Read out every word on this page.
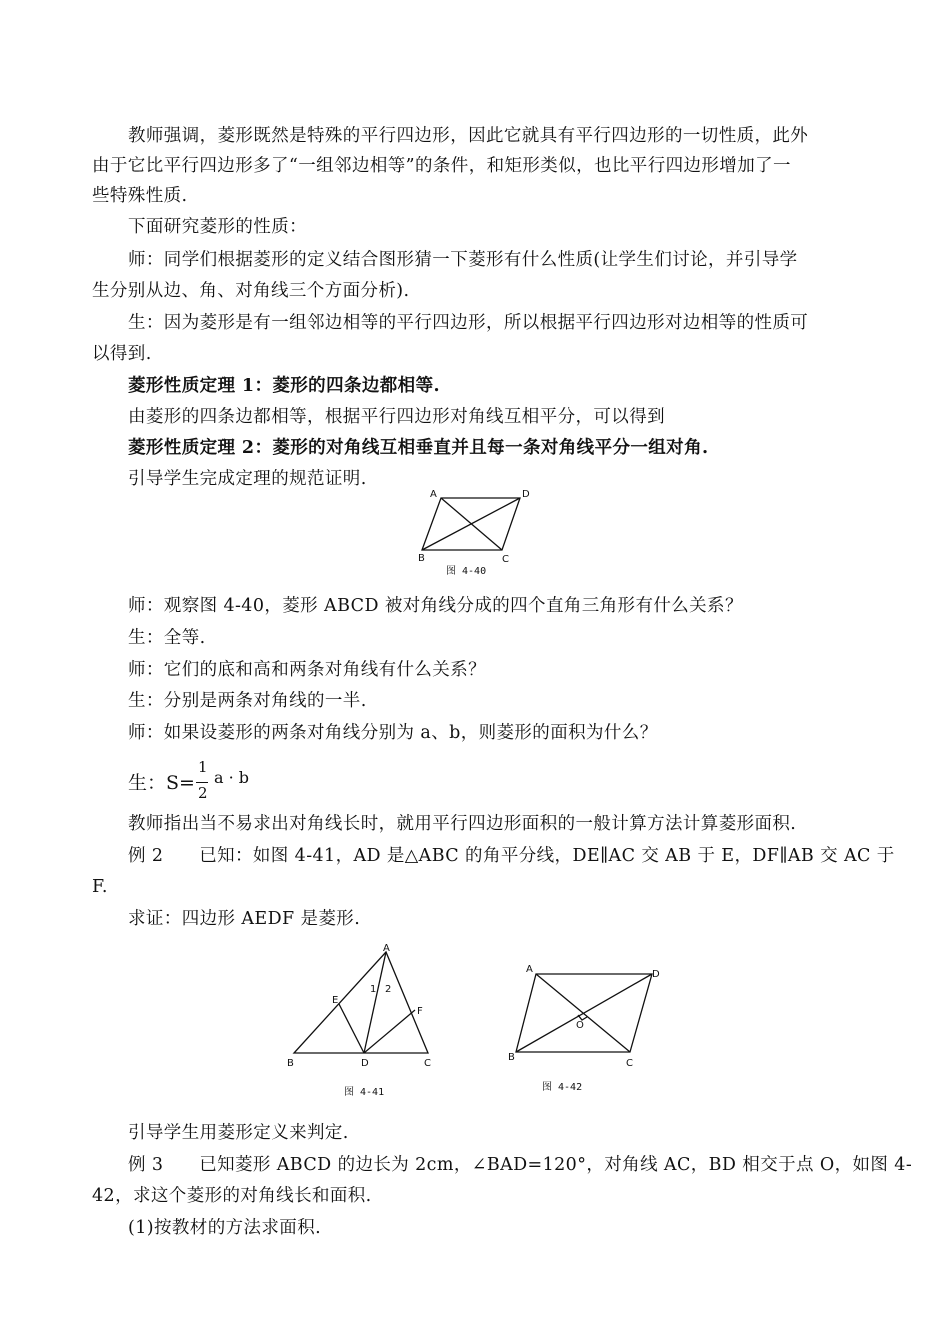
教师强调，菱形既然是特殊的平行四边形，因此它就具有平行四边形的一切性质，此外
由于它比平行四边形多了“一组邻边相等”的条件，和矩形类似，也比平行四边形增加了一
些特殊性质.
下面研究菱形的性质：
师：同学们根据菱形的定义结合图形猜一下菱形有什么性质(让学生们讨论，并引导学
生分别从边、角、对角线三个方面分析).
生：因为菱形是有一组邻边相等的平行四边形，所以根据平行四边形对边相等的性质可
以得到.
菱形性质定理 1：菱形的四条边都相等.
由菱形的四条边都相等，根据平行四边形对角线互相平分，可以得到
菱形性质定理 2：菱形的对角线互相垂直并且每一条对角线平分一组对角.
引导学生完成定理的规范证明.
A	D
B	C
图 4-40
师：观察图 4-40，菱形 ABCD 被对角线分成的四个直角三角形有什么关系？
生：全等.
师：它们的底和高和两条对角线有什么关系？
生：分别是两条对角线的一半.
师：如果设菱形的两条对角线分别为 a、b，则菱形的面积为什么？
生：S=
1
2
a · b
教师指出当不易求出对角线长时，就用平行四边形面积的一般计算方法计算菱形面积.
例 2　　已知：如图 4-41，AD 是△ABC 的角平分线，DE∥AC 交 AB 于 E，DF∥AB 交 AC 于
F.
求证：四边形 AEDF 是菱形.
A
E
F
B	D	C
1 2
图 4-41
A	D
O
B
C
图 4-42
引导学生用菱形定义来判定.
例 3　　已知菱形 ABCD 的边长为 2cm，∠BAD=120°，对角线 AC，BD 相交于点 O，如图 4-
42，求这个菱形的对角线长和面积.
(1)按教材的方法求面积.
